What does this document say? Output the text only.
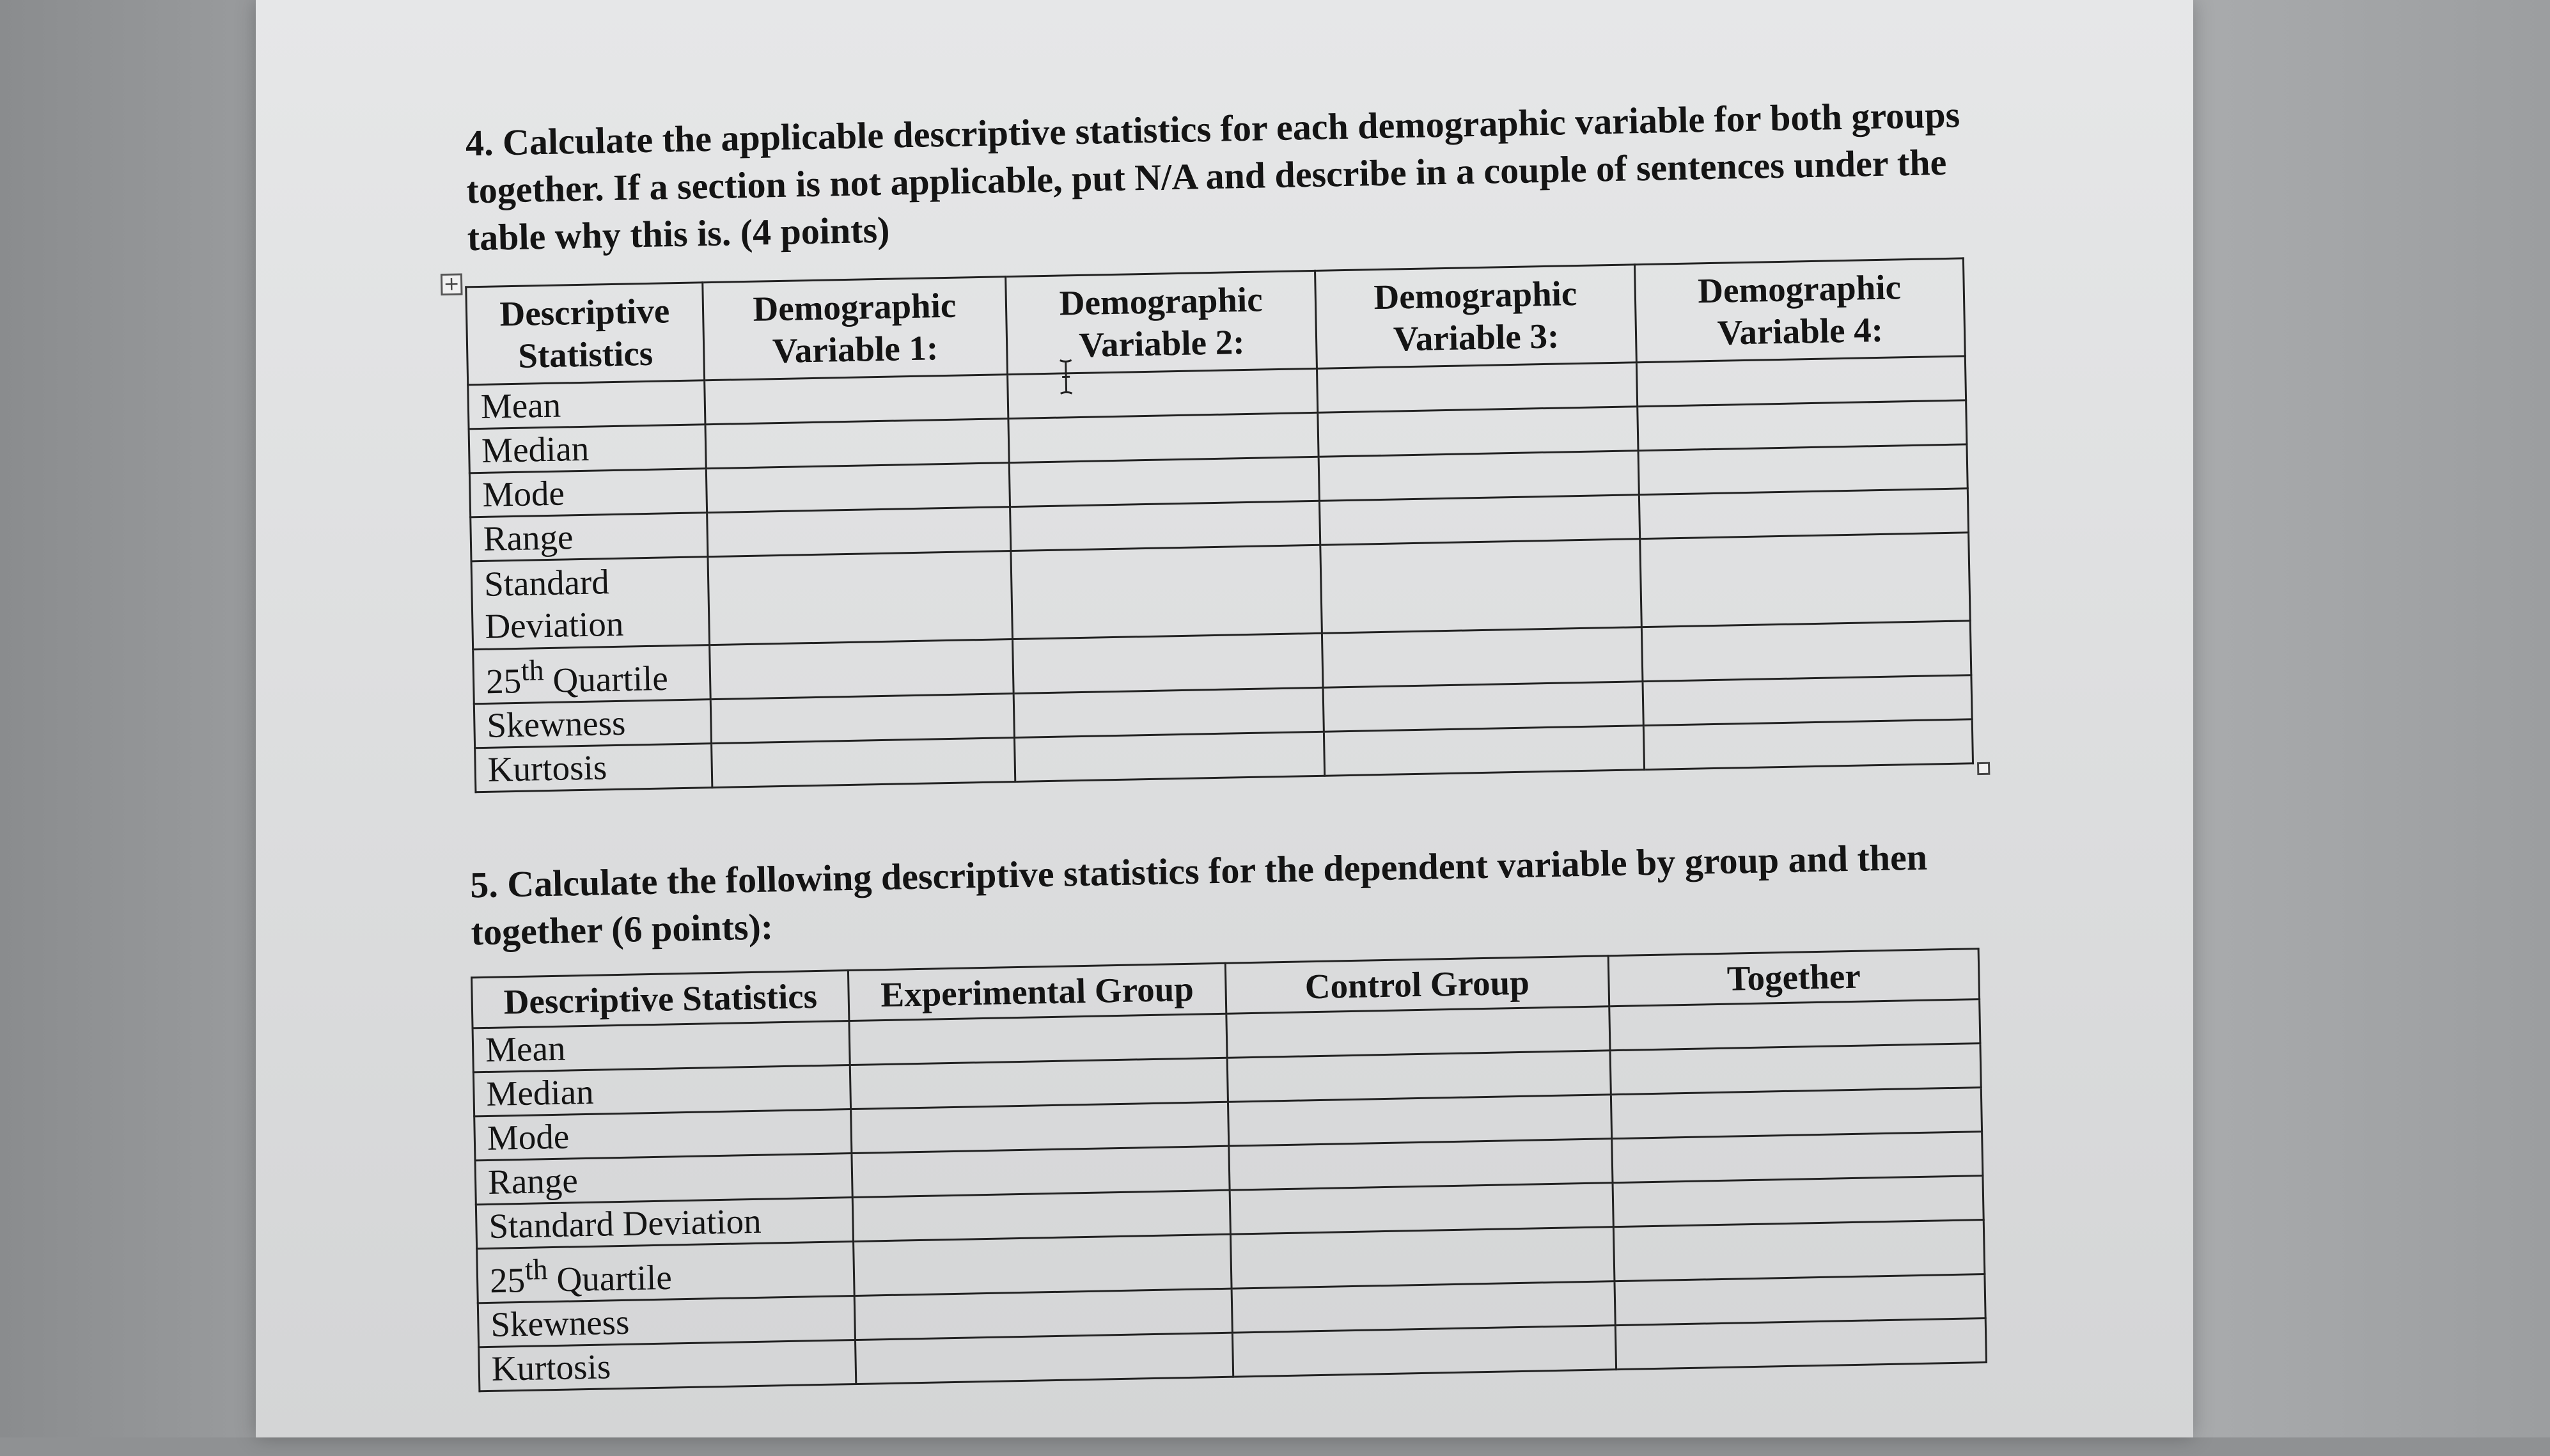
4. Calculate the applicable descriptive statistics for each demographic variable for both groups together. If a section is not applicable, put N/A and describe in a couple of sentences under the table why this is. (4 points)

+
Descriptive Statistics	Demographic Variable 1:	Demographic Variable 2:	Demographic Variable 3:	Demographic Variable 4:
Mean				
Median				
Mode				
Range				
Standard Deviation				
25th Quartile				
Skewness				
Kurtosis				

5. Calculate the following descriptive statistics for the dependent variable by group and then together (6 points):

Descriptive Statistics	Experimental Group	Control Group	Together
Mean			
Median			
Mode			
Range			
Standard Deviation			
25th Quartile			
Skewness			
Kurtosis			
